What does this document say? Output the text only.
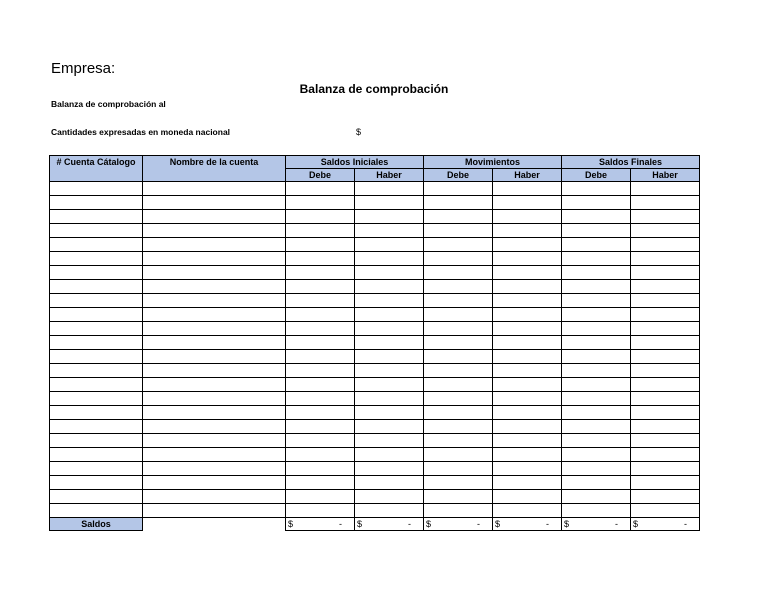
Empresa:
Balanza de comprobación
Balanza de comprobación al
Cantidades expresadas en moneda nacional	$
# Cuenta Cátalogo	Nombre de la cuenta	Saldos Iniciales		Movimientos		Saldos Finales	
		Debe	Haber	Debe	Haber	Debe	Haber

Saldos		$ -	$ -	$ -	$ -	$ -	$ -
